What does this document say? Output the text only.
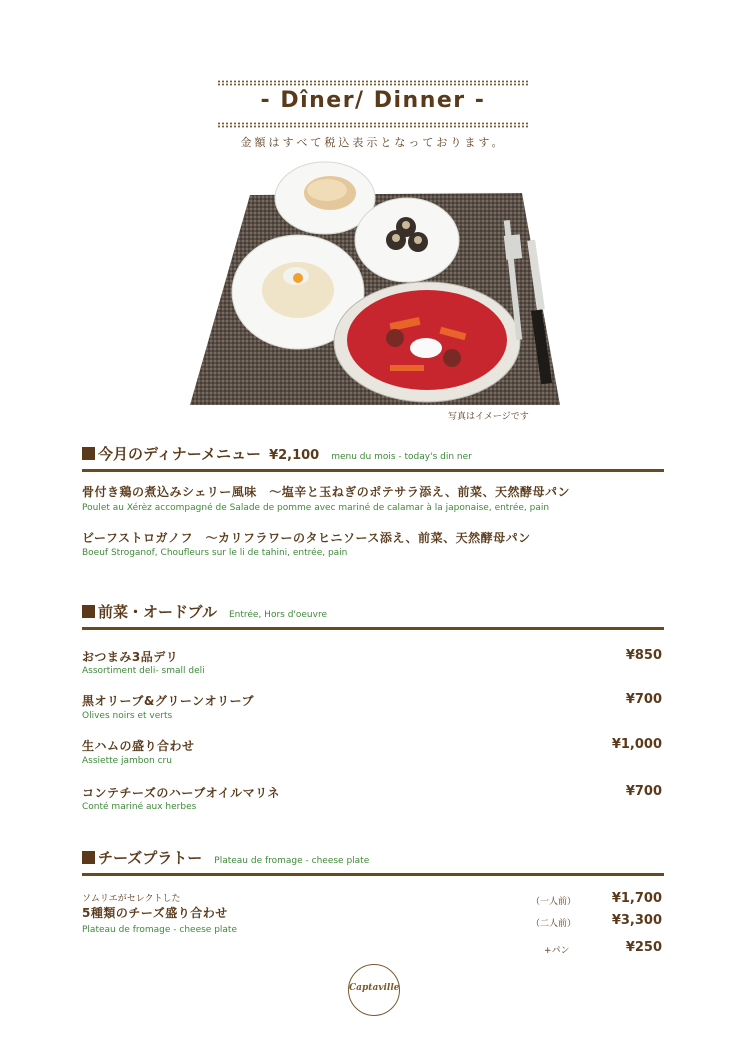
- Dîner/ Dinner -
金額はすべて税込表示となっております。
写真はイメージです
今月のディナーメニュー ¥2,100 menu du mois - today's din ner
骨付き鶏の煮込みシェリー風味　～塩辛と玉ねぎのポテサラ添え、前菜、天然酵母パン
Poulet au Xérèz accompagné de Salade de pomme avec mariné de calamar à la japonaise, entrée, pain
ビーフストロガノフ　～カリフラワーのタヒニソース添え、前菜、天然酵母パン
Boeuf Stroganof, Choufleurs sur le li de tahini, entrée, pain
前菜・オードブル Entrée, Hors d'oeuvre
おつまみ3品デリ
Assortiment deli- small deli
¥850
黒オリーブ&グリーンオリーブ
Olives noirs et verts
¥700
生ハムの盛り合わせ
Assiette jambon cru
¥1,000
コンテチーズのハーブオイルマリネ
Conté mariné aux herbes
¥700
チーズプラトー Plateau de fromage - cheese plate
ソムリエがセレクトした
5種類のチーズ盛り合わせ
Plateau de fromage - cheese plate
（一人前）	¥1,700
（二人前）	¥3,300
+パン	¥250
Captaville
